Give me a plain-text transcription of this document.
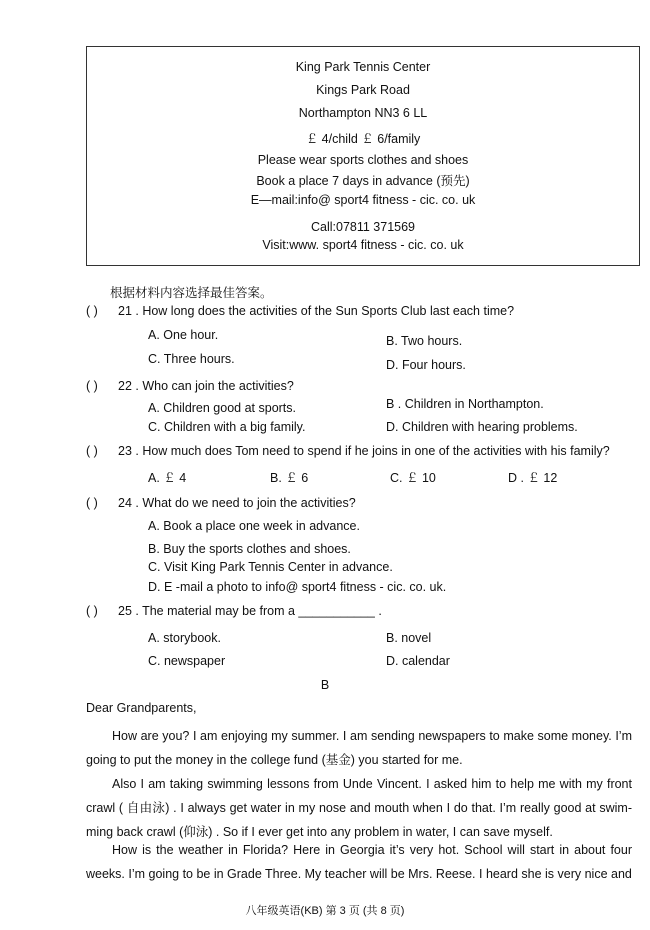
King Park Tennis Center
Kings Park Road
Northampton NN3 6 LL
￡ 4/child ￡ 6/family
Please wear sports clothes and shoes
Book a place 7 days in advance (预先)
E—mail:info@ sport4 fitness - cic. co. uk
Call:07811 371569
Visit:www. sport4 fitness - cic. co. uk
根据材料内容选择最佳答案。
( ) 21 . How long does the activities of the Sun Sports Club last each time?
A. One hour.	B. Two hours.
C. Three hours.	D. Four hours.
( ) 22 . Who can join the activities?
A. Children good at sports.	B . Children in Northampton.
C. Children with a big family.	D. Children with hearing problems.
( ) 23 . How much does Tom need to spend if he joins in one of the activities with his family?
A. ￡ 4	B. ￡ 6	C. ￡ 10	D . ￡ 12
( ) 24 . What do we need to join the activities?
A. Book a place one week in advance.
B. Buy the sports clothes and shoes.
C. Visit King Park Tennis Center in advance.
D. E -mail a photo to info@ sport4 fitness - cic. co. uk.
( ) 25 . The material may be from a ___________ .
A. storybook.	B. novel
C. newspaper	D. calendar
B
Dear Grandparents,
How are you? I am enjoying my summer. I am sending newspapers to make some money. I’m going to put the money in the college fund (基金) you started for me.
Also I am taking swimming lessons from Unde Vincent. I asked him to help me with my front crawl ( 自由泳) . I always get water in my nose and mouth when I do that. I’m really good at swim-ming back crawl (仰泳) . So if I ever get into any problem in water, I can save myself.
How is the weather in Florida? Here in Georgia it’s very hot. School will start in about four weeks. I’m going to be in Grade Three. My teacher will be Mrs. Reese. I heard she is very nice and
八年级英语(KB) 第 3 页 (共 8 页)
